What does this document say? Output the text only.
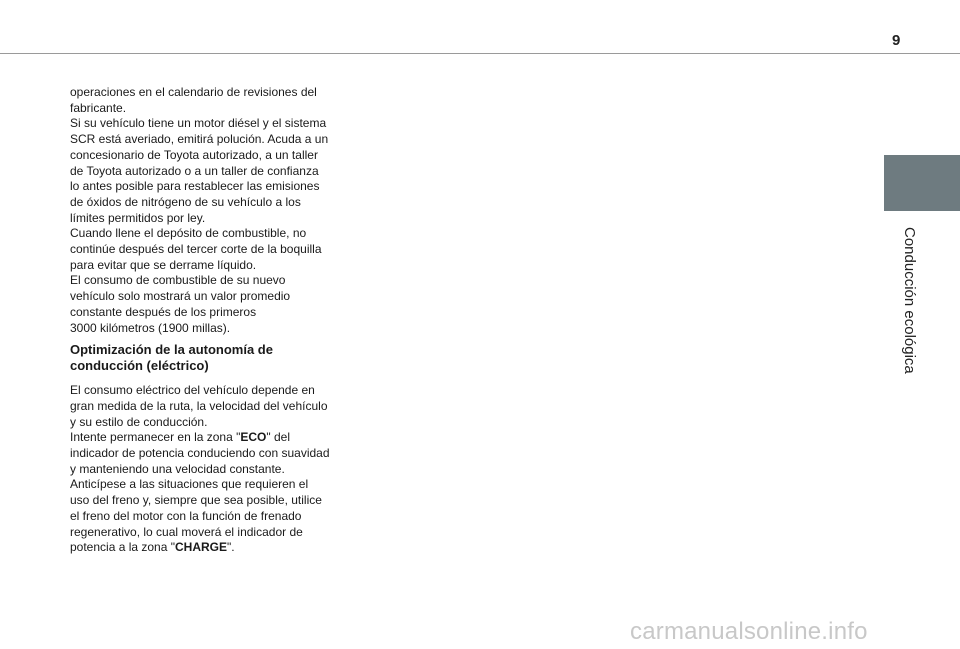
9
Conducción ecológica

operaciones en el calendario de revisiones del
fabricante.
Si su vehículo tiene un motor diésel y el sistema
SCR está averiado, emitirá polución. Acuda a un
concesionario de Toyota autorizado, a un taller
de Toyota autorizado o a un taller de confianza
lo antes posible para restablecer las emisiones
de óxidos de nitrógeno de su vehículo a los
límites permitidos por ley.
Cuando llene el depósito de combustible, no
continúe después del tercer corte de la boquilla
para evitar que se derrame líquido.
El consumo de combustible de su nuevo
vehículo solo mostrará un valor promedio
constante después de los primeros
3000 kilómetros (1900 millas).

Optimización de la autonomía de
conducción (eléctrico)

El consumo eléctrico del vehículo depende en
gran medida de la ruta, la velocidad del vehículo
y su estilo de conducción.
Intente permanecer en la zona "ECO" del
indicador de potencia conduciendo con suavidad
y manteniendo una velocidad constante.
Anticípese a las situaciones que requieren el
uso del freno y, siempre que sea posible, utilice
el freno del motor con la función de frenado
regenerativo, lo cual moverá el indicador de
potencia a la zona "CHARGE".

carmanualsonline.info
